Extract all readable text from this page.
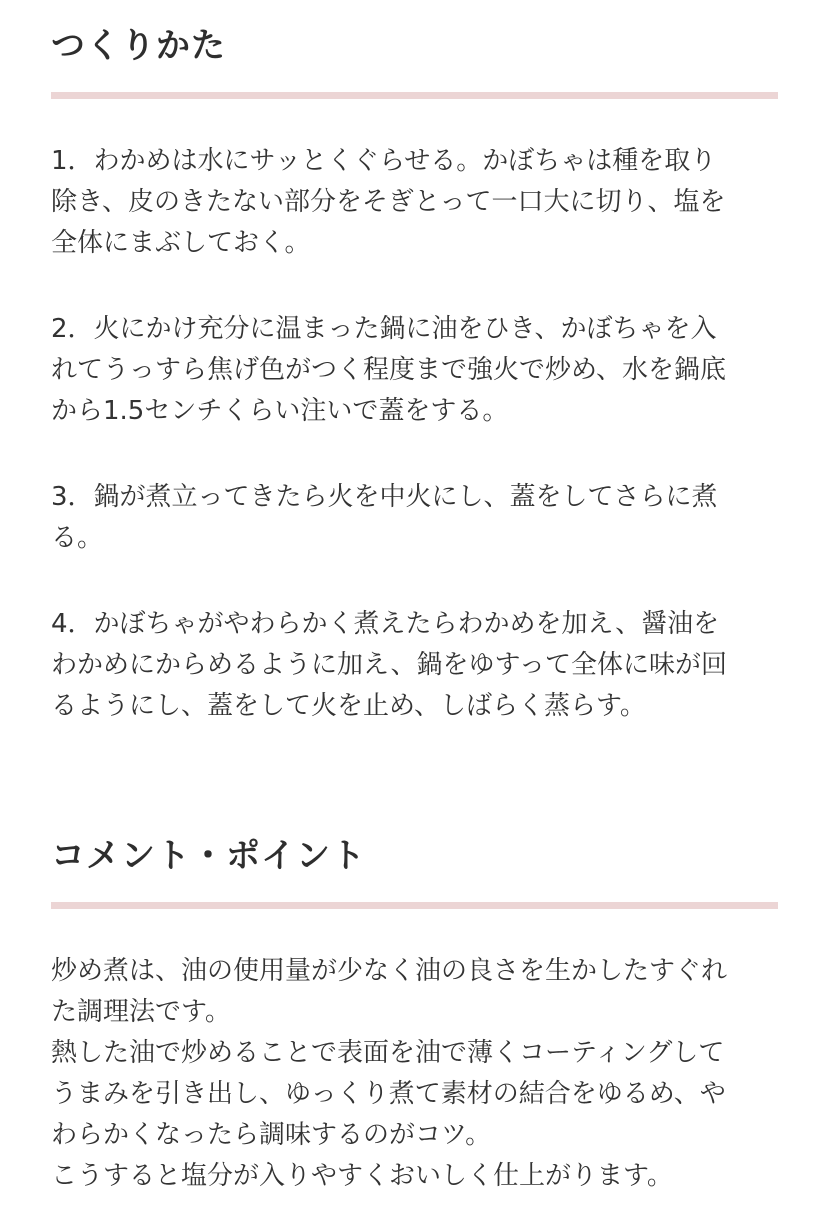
つくりかた

1．わかめは水にサッとくぐらせる。かぼちゃは種を取り
除き、皮のきたない部分をそぎとって一口大に切り、塩を
全体にまぶしておく。

2．火にかけ充分に温まった鍋に油をひき、かぼちゃを入
れてうっすら焦げ色がつく程度まで強火で炒め、水を鍋底
から1.5センチくらい注いで蓋をする。

3．鍋が煮立ってきたら火を中火にし、蓋をしてさらに煮
る。

4．かぼちゃがやわらかく煮えたらわかめを加え、醤油を
わかめにからめるように加え、鍋をゆすって全体に味が回
るようにし、蓋をして火を止め、しばらく蒸らす。

コメント・ポイント

炒め煮は、油の使用量が少なく油の良さを生かしたすぐれ
た調理法です。
熱した油で炒めることで表面を油で薄くコーティングして
うまみを引き出し、ゆっくり煮て素材の結合をゆるめ、や
わらかくなったら調味するのがコツ。
こうすると塩分が入りやすくおいしく仕上がります。
